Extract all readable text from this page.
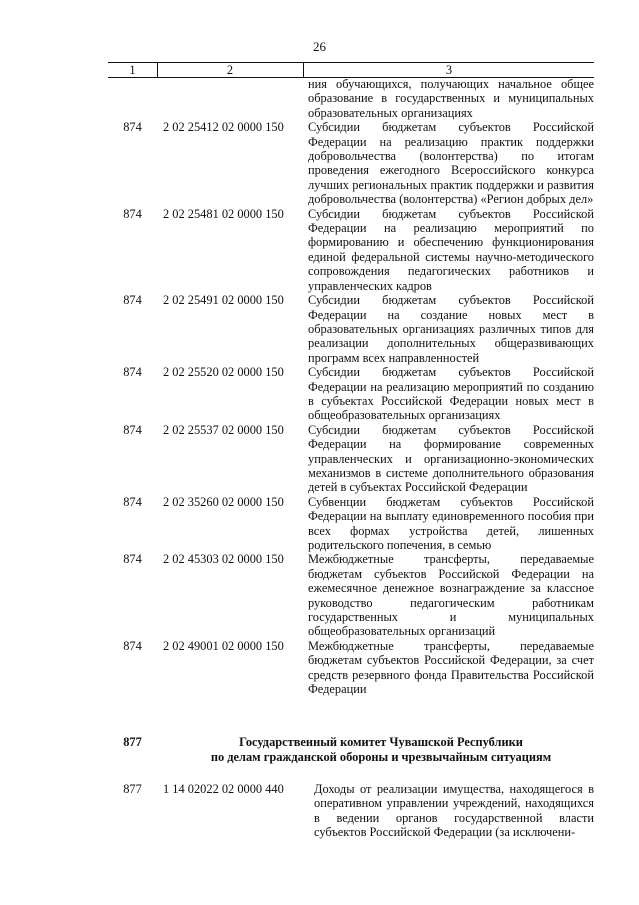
26
1	2	3
ния обучающихся, получающих начальное общее образование в государственных и муниципальных образовательных организациях
874	2 02 25412 02 0000 150	Субсидии бюджетам субъектов Российской Федерации на реализацию практик поддержки добровольчества (волонтерства) по итогам проведения ежегодного Всероссийского конкурса лучших региональных практик поддержки и развития добровольчества (волонтерства) «Регион добрых дел»
874	2 02 25481 02 0000 150	Субсидии бюджетам субъектов Российской Федерации на реализацию мероприятий по формированию и обеспечению функционирования единой федеральной системы научно-методического сопровождения педагогических работников и управленческих кадров
874	2 02 25491 02 0000 150	Субсидии бюджетам субъектов Российской Федерации на создание новых мест в образовательных организациях различных типов для реализации дополнительных общеразвивающих программ всех направленностей
874	2 02 25520 02 0000 150	Субсидии бюджетам субъектов Российской Федерации на реализацию мероприятий по созданию в субъектах Российской Федерации новых мест в общеобразовательных организациях
874	2 02 25537 02 0000 150	Субсидии бюджетам субъектов Российской Федерации на формирование современных управленческих и организационно-экономических механизмов в системе дополнительного образования детей в субъектах Российской Федерации
874	2 02 35260 02 0000 150	Субвенции бюджетам субъектов Российской Федерации на выплату единовременного пособия при всех формах устройства детей, лишенных родительского попечения, в семью
874	2 02 45303 02 0000 150	Межбюджетные трансферты, передаваемые бюджетам субъектов Российской Федерации на ежемесячное денежное вознаграждение за классное руководство педагогическим работникам государственных и муниципальных общеобразовательных организаций
874	2 02 49001 02 0000 150	Межбюджетные трансферты, передаваемые бюджетам субъектов Российской Федерации, за счет средств резервного фонда Правительства Российской Федерации
877	Государственный комитет Чувашской Республики
по делам гражданской обороны и чрезвычайным ситуациям
877	1 14 02022 02 0000 440	Доходы от реализации имущества, находящегося в оперативном управлении учреждений, находящихся в ведении органов государственной власти субъектов Российской Федерации (за исключени-
